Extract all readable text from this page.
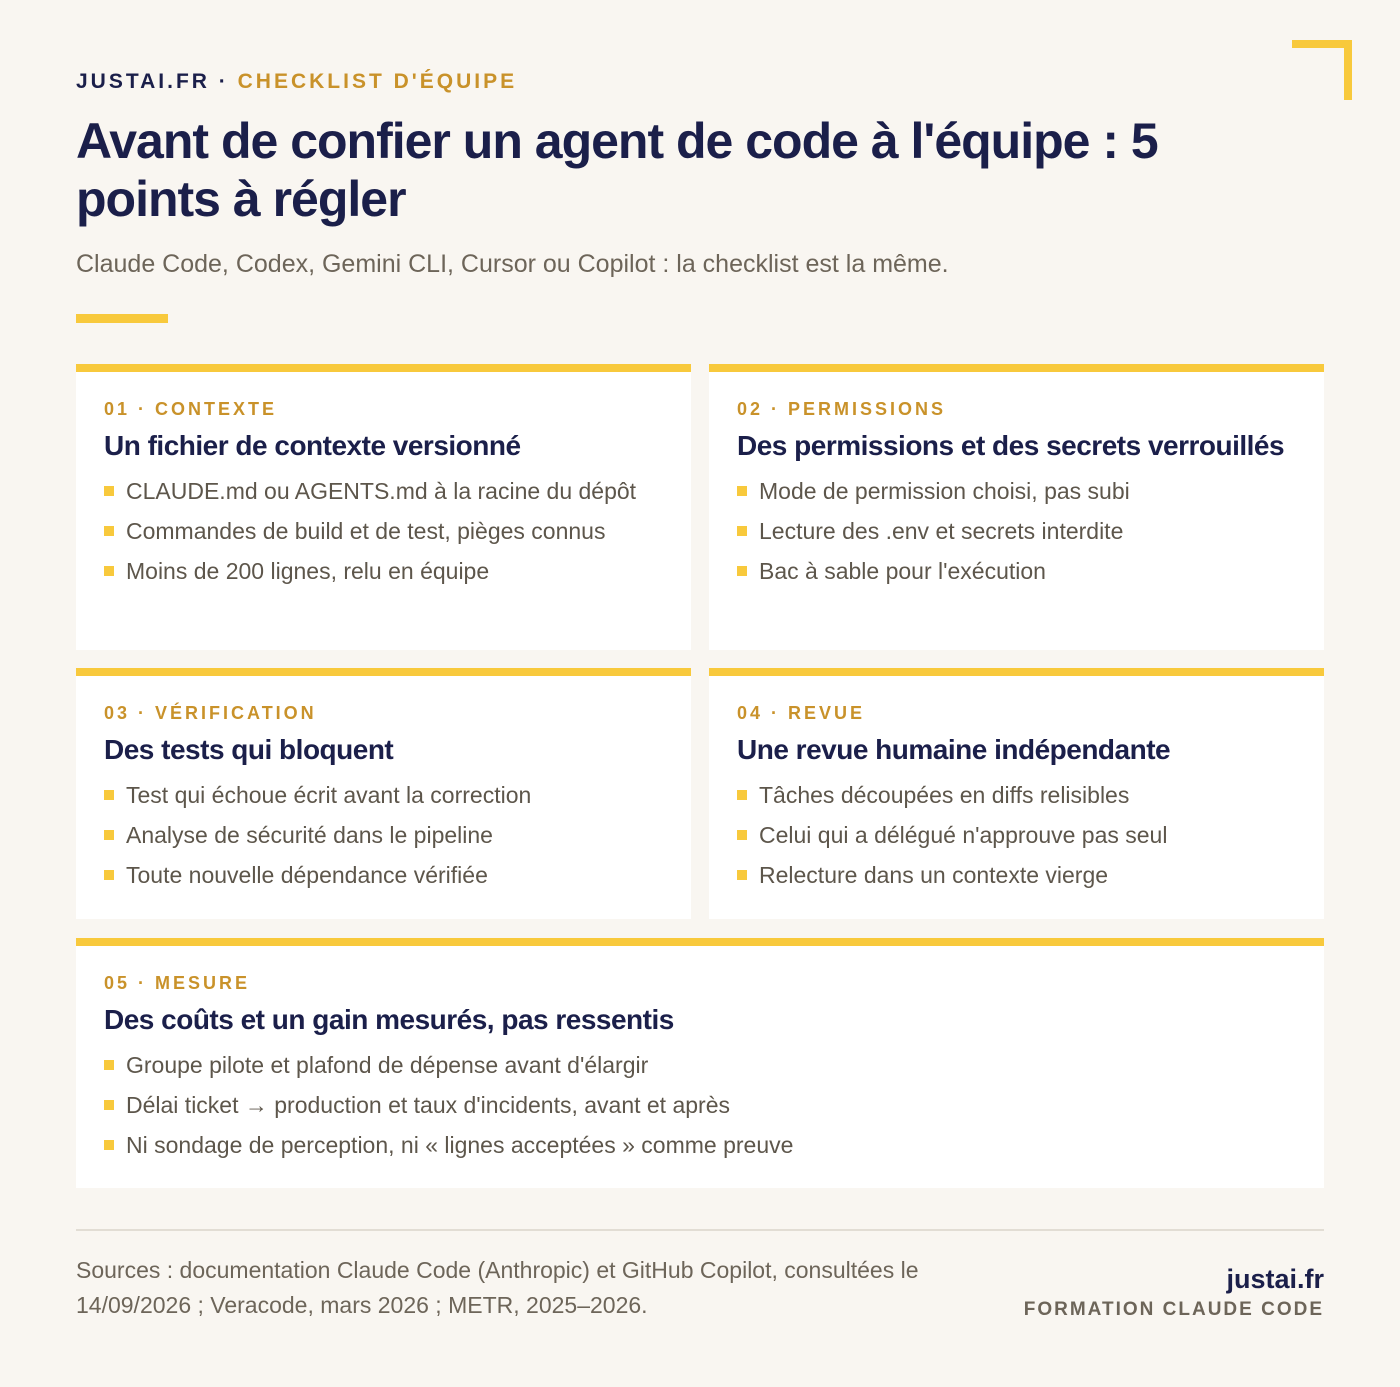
JUSTAI.FR · CHECKLIST D'ÉQUIPE
Avant de confier un agent de code à l'équipe : 5 points à régler
Claude Code, Codex, Gemini CLI, Cursor ou Copilot : la checklist est la même.
01 · CONTEXTE
Un fichier de contexte versionné
CLAUDE.md ou AGENTS.md à la racine du dépôt
Commandes de build et de test, pièges connus
Moins de 200 lignes, relu en équipe
02 · PERMISSIONS
Des permissions et des secrets verrouillés
Mode de permission choisi, pas subi
Lecture des .env et secrets interdite
Bac à sable pour l'exécution
03 · VÉRIFICATION
Des tests qui bloquent
Test qui échoue écrit avant la correction
Analyse de sécurité dans le pipeline
Toute nouvelle dépendance vérifiée
04 · REVUE
Une revue humaine indépendante
Tâches découpées en diffs relisibles
Celui qui a délégué n'approuve pas seul
Relecture dans un contexte vierge
05 · MESURE
Des coûts et un gain mesurés, pas ressentis
Groupe pilote et plafond de dépense avant d'élargir
Délai ticket → production et taux d'incidents, avant et après
Ni sondage de perception, ni « lignes acceptées » comme preuve
Sources : documentation Claude Code (Anthropic) et GitHub Copilot, consultées le 14/09/2026 ; Veracode, mars 2026 ; METR, 2025–2026.
justai.fr
FORMATION CLAUDE CODE
